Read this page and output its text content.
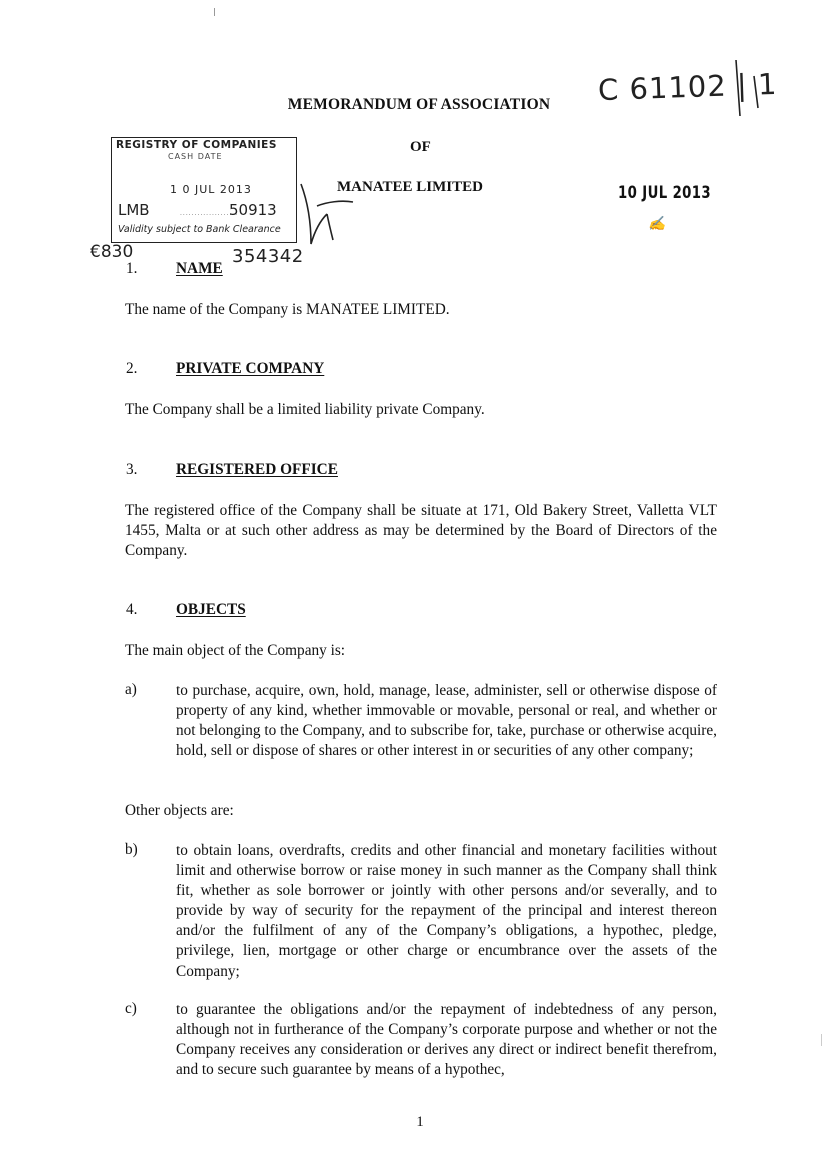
MEMORANDUM OF ASSOCIATION
OF
MANATEE LIMITED
C 61102 | 1
10 JUL 2013
✍
REGISTRY OF COMPANIES
CASH DATE
1 0 JUL 2013
LMB	....................
50913
Validity subject to Bank Clearance
€830	354342
1.	NAME
The name of the Company is MANATEE LIMITED.
2.	PRIVATE COMPANY
The Company shall be a limited liability private Company.
3.	REGISTERED OFFICE
The registered office of the Company shall be situate at 171, Old Bakery Street, Valletta VLT 1455, Malta or at such other address as may be determined by the Board of Directors of the Company.
4.	OBJECTS
The main object of the Company is:
a)	to purchase, acquire, own, hold, manage, lease, administer, sell or otherwise dispose of property of any kind, whether immovable or movable, personal or real, and whether or not belonging to the Company, and to subscribe for, take, purchase or otherwise acquire, hold, sell or dispose of shares or other interest in or securities of any other company;
Other objects are:
b)	to obtain loans, overdrafts, credits and other financial and monetary facilities without limit and otherwise borrow or raise money in such manner as the Company shall think fit, whether as sole borrower or jointly with other persons and/or severally, and to provide by way of security for the repayment of the principal and interest thereon and/or the fulfilment of any of the Company’s obligations, a hypothec, pledge, privilege, lien, mortgage or other charge or encumbrance over the assets of the Company;
c)	to guarantee the obligations and/or the repayment of indebtedness of any person, although not in furtherance of the Company’s corporate purpose and whether or not the Company receives any consideration or derives any direct or indirect benefit therefrom, and to secure such guarantee by means of a hypothec,
1
